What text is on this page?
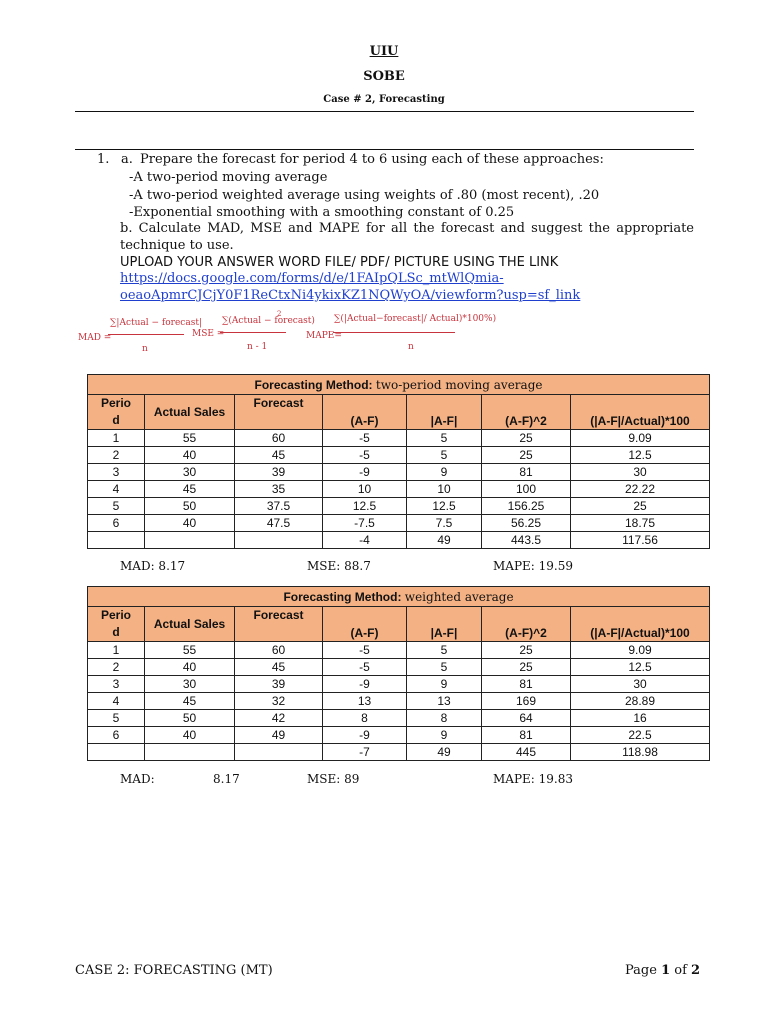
UIU
SOBE
Case # 2, Forecasting
1. a. Prepare the forecast for period 4 to 6 using each of these approaches:
-A two-period moving average
-A two-period weighted average using weights of .80 (most recent), .20
-Exponential smoothing with a smoothing constant of 0.25
b. Calculate MAD, MSE and MAPE for all the forecast and suggest the appropriate technique to use.
UPLOAD YOUR ANSWER WORD FILE/ PDF/ PICTURE USING THE LINK
https://docs.google.com/forms/d/e/1FAIpQLSc_mtWlQmia-
oeaoApmrCJCjY0F1ReCtxNi4ykixKZ1NQWyOA/viewform?usp=sf_link
MAD =
∑|Actual − forecast|
n
MSE =
∑(Actual − forecast)
2
n - 1
MAPE=
∑(|Actual−forecast|/ Actual)*100%)
n
Forecasting Method: two-period moving average						
Perio
d	Actual Sales	Forecast	(A-F)	|A-F|	(A-F)^2	(|A-F|/Actual)*100

1	55	60	-5	5	25	9.09
2	40	45	-5	5	25	12.5
3	30	39	-9	9	81	30
4	45	35	10	10	100	22.22
5	50	37.5	12.5	12.5	156.25	25
6	40	47.5	-7.5	7.5	56.25	18.75
			-4	49	443.5	117.56
MAD: 8.17	MSE: 88.7	MAPE: 19.59
Forecasting Method: weighted average						
Perio
d	Actual Sales	Forecast	(A-F)	|A-F|	(A-F)^2	(|A-F|/Actual)*100

1	55	60	-5	5	25	9.09
2	40	45	-5	5	25	12.5
3	30	39	-9	9	81	30
4	45	32	13	13	169	28.89
5	50	42	8	8	64	16
6	40	49	-9	9	81	22.5
			-7	49	445	118.98
MAD:	8.17	MSE: 89	MAPE: 19.83
CASE 2: FORECASTING (MT)	Page 1 of 2
